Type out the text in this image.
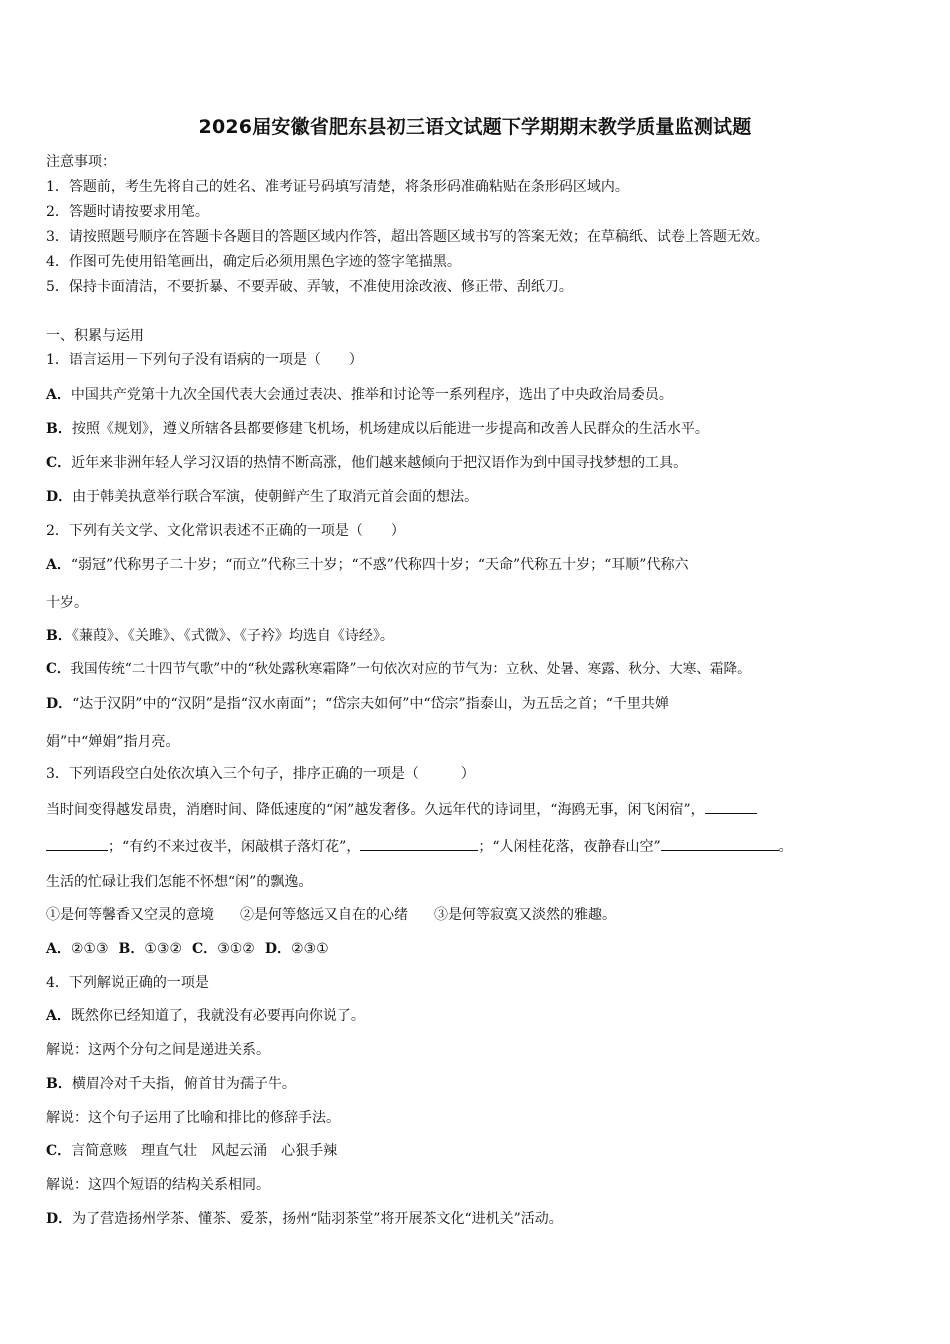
2026届安徽省肥东县初三语文试题下学期期末教学质量监测试题
注意事项：
1．答题前，考生先将自己的姓名、准考证号码填写清楚，将条形码准确粘贴在条形码区域内。
2．答题时请按要求用笔。
3．请按照题号顺序在答题卡各题目的答题区域内作答，超出答题区域书写的答案无效；在草稿纸、试卷上答题无效。
4．作图可先使用铅笔画出，确定后必须用黑色字迹的签字笔描黑。
5．保持卡面清洁，不要折暴、不要弄破、弄皱，不准使用涂改液、修正带、刮纸刀。
一、积累与运用
1．语言运用－下列句子没有语病的一项是（　　）
A．中国共产党第十九次全国代表大会通过表决、推举和讨论等一系列程序，选出了中央政治局委员。
B．按照《规划》，遵义所辖各县都要修建飞机场，机场建成以后能进一步提高和改善人民群众的生活水平。
C．近年来非洲年轻人学习汉语的热情不断高涨，他们越来越倾向于把汉语作为到中国寻找梦想的工具。
D．由于韩美执意举行联合军演，使朝鲜产生了取消元首会面的想法。
2．下列有关文学、文化常识表述不正确的一项是（　　）
A．“弱冠”代称男子二十岁；“而立”代称三十岁；“不惑”代称四十岁；“天命”代称五十岁；“耳顺”代称六
十岁。
B．《蒹葭》、《关雎》、《式微》、《子衿》均选自《诗经》。
C．我国传统“二十四节气歌”中的“秋处露秋寒霜降”一句依次对应的节气为：立秋、处暑、寒露、秋分、大寒、霜降。
D．“达于汉阴”中的“汉阴”是指“汉水南面”；“岱宗夫如何”中“岱宗”指泰山，为五岳之首；“千里共婵
娟”中“婵娟”指月亮。
3．下列语段空白处依次填入三个句子，排序正确的一项是（　　　）
当时间变得越发昂贵，消磨时间、降低速度的“闲”越发奢侈。久远年代的诗词里，“海鸥无事，闲飞闲宿”，
；“有约不来过夜半，闲敲棋子落灯花”，	；“人闲桂花落，夜静春山空”	。
生活的忙碌让我们怎能不怀想“闲”的飘逸。
①是何等馨香又空灵的意境 ②是何等悠远又自在的心绪 ③是何等寂寞又淡然的雅趣。
A．②①③ B．①③② C．③①② D．②③①
4．下列解说正确的一项是
A．既然你已经知道了，我就没有必要再向你说了。
解说：这两个分句之间是递进关系。
B．横眉冷对千夫指，俯首甘为孺子牛。
解说：这个句子运用了比喻和排比的修辞手法。
C．言简意赅　理直气壮　风起云涌　心狠手辣
解说：这四个短语的结构关系相同。
D．为了营造扬州学茶、懂茶、爱茶，扬州“陆羽茶堂”将开展茶文化“进机关”活动。
